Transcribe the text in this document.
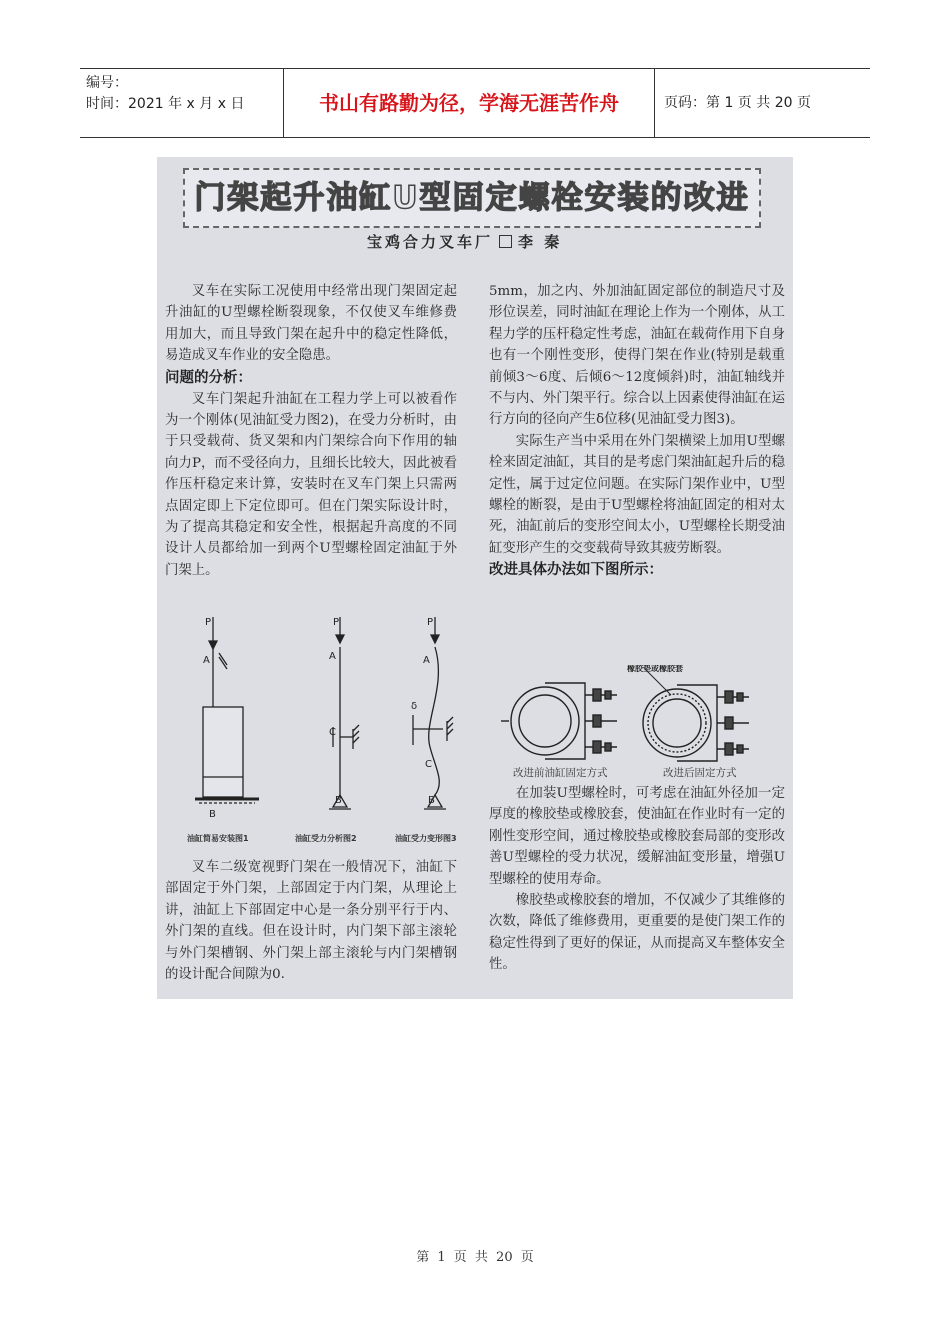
编号：
时间：2021 年 x 月 x 日	书山有路勤为径，学海无涯苦作舟	页码：第 1 页 共 20 页
门架起升油缸U型固定螺栓安装的改进
宝鸡合力叉车厂 李 秦

叉车在实际工况使用中经常出现门架固定起升油缸的U型螺栓断裂现象，不仅使叉车维修费用加大，而且导致门架在起升中的稳定性降低，易造成叉车作业的安全隐患。

问题的分析：

叉车门架起升油缸在工程力学上可以被看作为一个刚体(见油缸受力图2)，在受力分析时，由于只受载荷、货叉架和内门架综合向下作用的轴向力P，而不受径向力，且细长比较大，因此被看作压杆稳定来计算，安装时在叉车门架上只需两点固定即上下定位即可。但在门架实际设计时，为了提高其稳定和安全性，根据起升高度的不同设计人员都给加一到两个U型螺栓固定油缸于外门架上。

P
A
B
P
A
C
B
P
A
δ
C
B
油缸简易安装图1	油缸受力分析图2	油缸受力变形图3

叉车二级宽视野门架在一般情况下，油缸下部固定于外门架，上部固定于内门架，从理论上讲，油缸上下部固定中心是一条分别平行于内、外门架的直线。但在设计时，内门架下部主滚轮与外门架槽钢、外门架上部主滚轮与内门架槽钢的设计配合间隙为0.

5mm，加之内、外加油缸固定部位的制造尺寸及形位误差，同时油缸在理论上作为一个刚体，从工程力学的压杆稳定性考虑，油缸在载荷作用下自身也有一个刚性变形，使得门架在作业(特别是载重前倾3～6度、后倾6～12度倾斜)时，油缸轴线并不与内、外门架平行。综合以上因素使得油缸在运行方向的径向产生δ位移(见油缸受力图3)。

实际生产当中采用在外门架横梁上加用U型螺栓来固定油缸，其目的是考虑门架油缸起升后的稳定性，属于过定位问题。在实际门架作业中，U型螺栓的断裂，是由于U型螺栓将油缸固定的相对太死，油缸前后的变形空间太小，U型螺栓长期受油缸变形产生的交变载荷导致其疲劳断裂。

改进具体办法如下图所示：
橡胶垫或橡胶套
改进前油缸固定方式	改进后固定方式

在加装U型螺栓时，可考虑在油缸外径加一定厚度的橡胶垫或橡胶套，使油缸在作业时有一定的刚性变形空间，通过橡胶垫或橡胶套局部的变形改善U型螺栓的受力状况，缓解油缸变形量，增强U型螺栓的使用寿命。

橡胶垫或橡胶套的增加，不仅减少了其维修的次数，降低了维修费用，更重要的是使门架工作的稳定性得到了更好的保证，从而提高叉车整体安全性。

第 1 页 共 20 页
